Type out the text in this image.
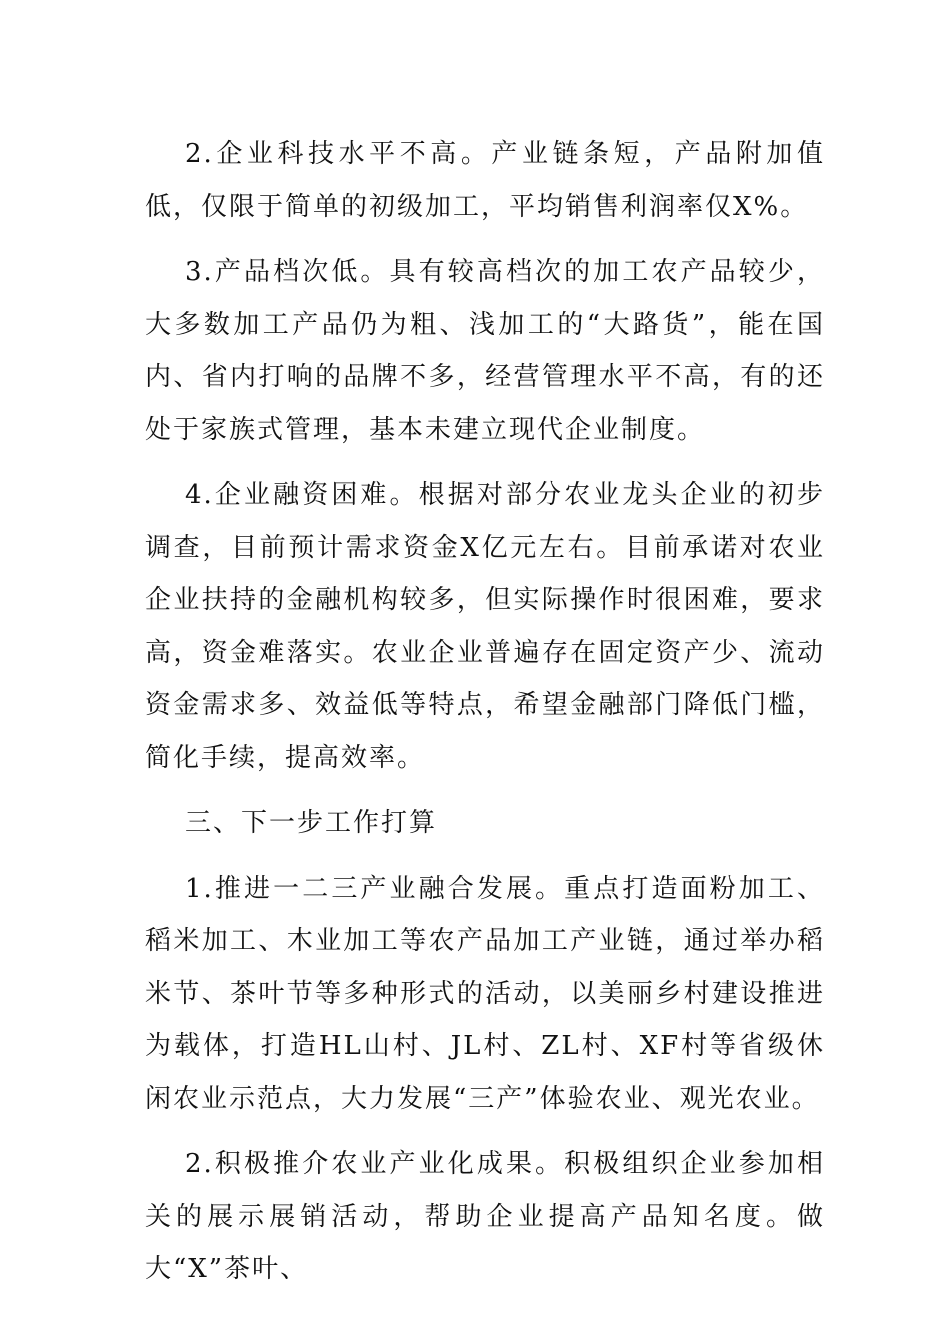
2.企业科技水平不高。产业链条短，产品附加值低，仅限于简单的初级加工，平均销售利润率仅X%。

3.产品档次低。具有较高档次的加工农产品较少，大多数加工产品仍为粗、浅加工的“大路货”，能在国内、省内打响的品牌不多，经营管理水平不高，有的还处于家族式管理，基本未建立现代企业制度。

4.企业融资困难。根据对部分农业龙头企业的初步调查，目前预计需求资金X亿元左右。目前承诺对农业企业扶持的金融机构较多，但实际操作时很困难，要求高，资金难落实。农业企业普遍存在固定资产少、流动资金需求多、效益低等特点，希望金融部门降低门槛，简化手续，提高效率。

三、下一步工作打算

1.推进一二三产业融合发展。重点打造面粉加工、稻米加工、木业加工等农产品加工产业链，通过举办稻米节、茶叶节等多种形式的活动，以美丽乡村建设推进为载体，打造HL山村、JL村、ZL村、XF村等省级休闲农业示范点，大力发展“三产”体验农业、观光农业。

2.积极推介农业产业化成果。积极组织企业参加相关的展示展销活动，帮助企业提高产品知名度。做大“X”茶叶、
